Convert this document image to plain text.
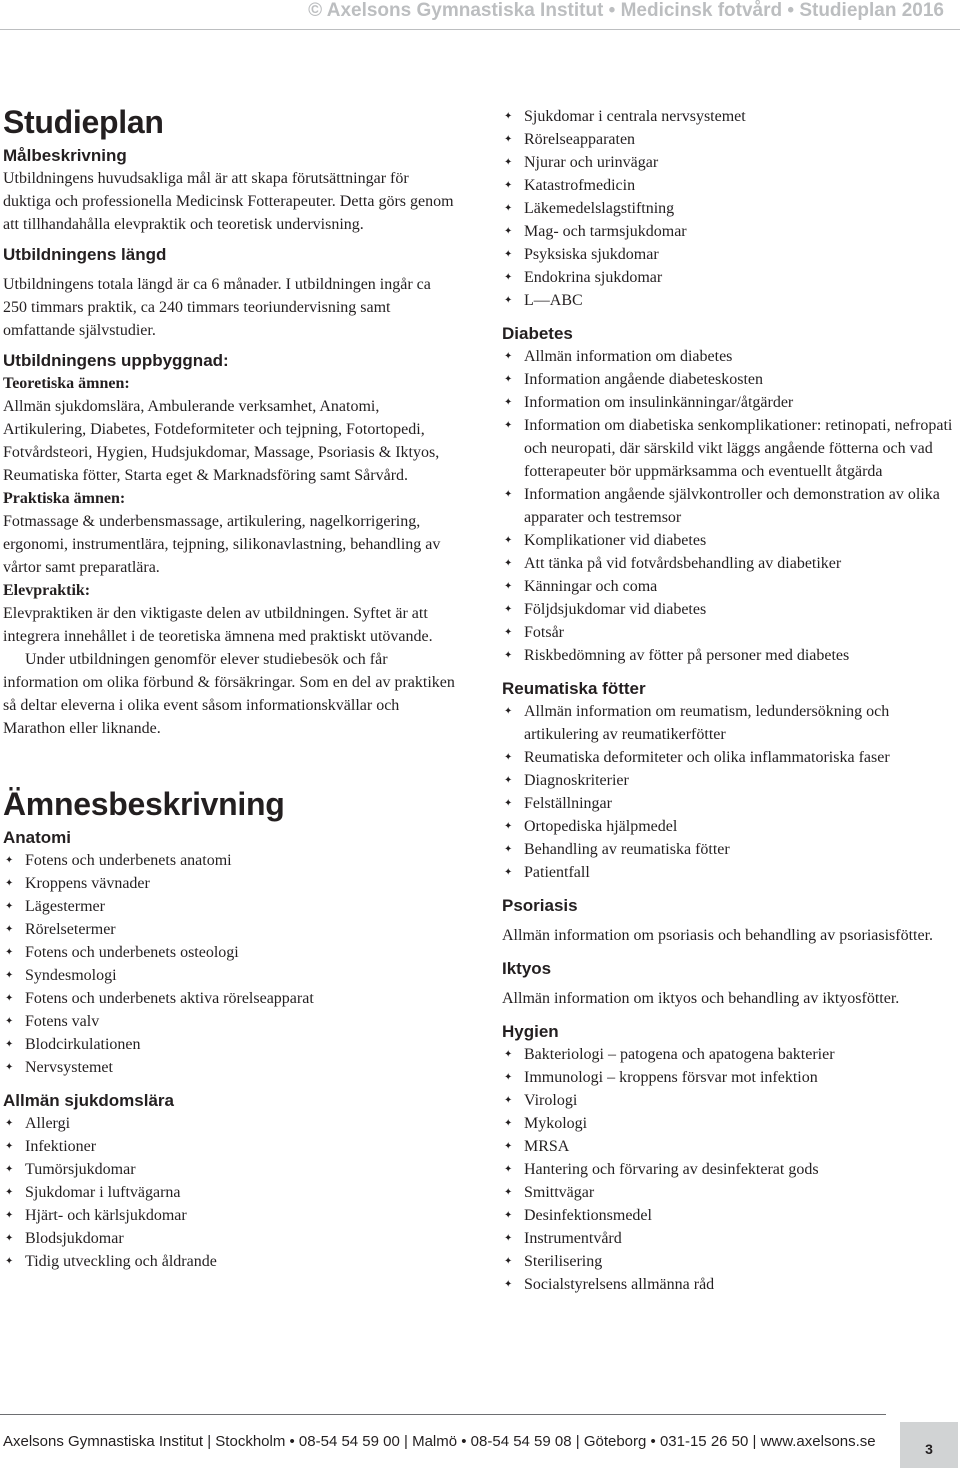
© Axelsons Gymnastiska Institut • Medicinsk fotvård • Studieplan 2016
Studieplan
Målbeskrivning

Utbildningens huvudsakliga mål är att skapa förutsättningar för duktiga och professionella Medicinsk Fotterapeuter. Detta görs genom att tillhandahålla elevpraktik och teoretisk undervisning.

Utbildningens längd

Utbildningens totala längd är ca 6 månader. I utbildningen ingår ca 250 timmars praktik, ca 240 timmars teoriundervisning samt omfattande självstudier.

Utbildningens uppbyggnad:
Teoretiska ämnen:

Allmän sjukdomslära, Ambulerande verksamhet, Anatomi, Artikulering, Diabetes, Fotdeformiteter och tejpning, Fotortopedi, Fotvårdsteori, Hygien, Hudsjukdomar, Massage, Psoriasis & Iktyos, Reumatiska fötter, Starta eget & Marknadsföring samt Sårvård.

Praktiska ämnen:

Fotmassage & underbensmassage, artikulering, nagelkorrigering, ergonomi, instrumentlära, tejpning, silikonavlastning, behandling av vårtor samt preparatlära.

Elevpraktik:

Elevpraktiken är den viktigaste delen av utbildningen. Syftet är att integrera innehållet i de teoretiska ämnena med praktiskt utövande.

Under utbildningen genomför elever studiebesök och får information om olika förbund & försäkringar. Som en del av praktiken så deltar eleverna i olika event såsom informationskvällar och Marathon eller liknande.

Ämnesbeskrivning
Anatomi
✦ Fotens och underbenets anatomi
✦ Kroppens vävnader
✦ Lägestermer
✦ Rörelsetermer
✦ Fotens och underbenets osteologi
✦ Syndesmologi
✦ Fotens och underbenets aktiva rörelseapparat
✦ Fotens valv
✦ Blodcirkulationen
✦ Nervsystemet
Allmän sjukdomslära
✦ Allergi
✦ Infektioner
✦ Tumörsjukdomar
✦ Sjukdomar i luftvägarna
✦ Hjärt- och kärlsjukdomar
✦ Blodsjukdomar
✦ Tidig utveckling och åldrande
✦ Sjukdomar i centrala nervsystemet
✦ Rörelseapparaten
✦ Njurar och urinvägar
✦ Katastrofmedicin
✦ Läkemedelslagstiftning
✦ Mag- och tarmsjukdomar
✦ Psyksiska sjukdomar
✦ Endokrina sjukdomar
✦ L—ABC
Diabetes
✦ Allmän information om diabetes
✦ Information angående diabeteskosten
✦ Information om insulinkänningar/åtgärder
✦ Information om diabetiska senkomplikationer: retinopati, nefropati och neuropati, där särskild vikt läggs angående fötterna och vad fotterapeuter bör uppmärksamma och eventuellt åtgärda
✦ Information angående självkontroller och demonstration av olika apparater och testremsor
✦ Komplikationer vid diabetes
✦ Att tänka på vid fotvårdsbehandling av diabetiker
✦ Känningar och coma
✦ Följdsjukdomar vid diabetes
✦ Fotsår
✦ Riskbedömning av fötter på personer med diabetes
Reumatiska fötter
✦ Allmän information om reumatism, ledundersökning och artikulering av reumatikerfötter
✦ Reumatiska deformiteter och olika inflammatoriska faser
✦ Diagnoskriterier
✦ Felställningar
✦ Ortopediska hjälpmedel
✦ Behandling av reumatiska fötter
✦ Patientfall
Psoriasis

Allmän information om psoriasis och behandling av psoriasisfötter.

Iktyos

Allmän information om iktyos och behandling av iktyosfötter.

Hygien
✦ Bakteriologi – patogena och apatogena bakterier
✦ Immunologi – kroppens försvar mot infektion
✦ Virologi
✦ Mykologi
✦ MRSA
✦ Hantering och förvaring av desinfekterat gods
✦ Smittvägar
✦ Desinfektionsmedel
✦ Instrumentvård
✦ Sterilisering
✦ Socialstyrelsens allmänna råd
Axelsons Gymnastiska Institut | Stockholm • 08-54 54 59 00 | Malmö • 08-54 54 59 08 | Göteborg • 031-15 26 50 | www.axelsons.se	3
